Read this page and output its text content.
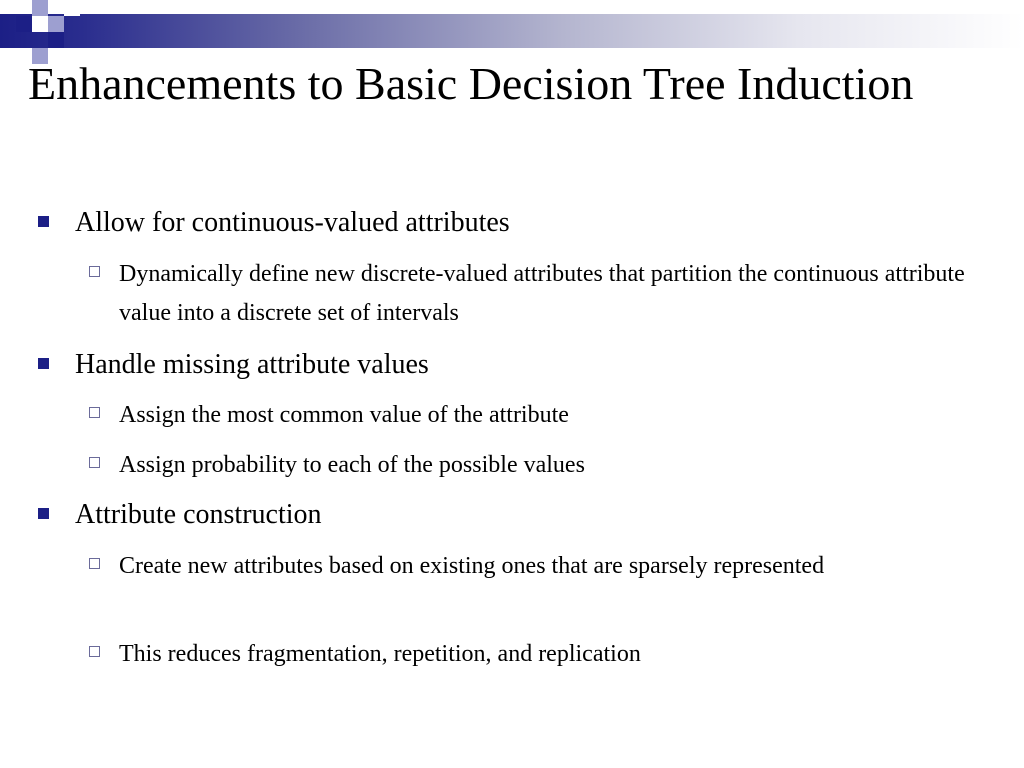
Enhancements to Basic Decision Tree Induction
Allow for continuous-valued attributes
Dynamically define new discrete-valued attributes that partition the continuous attribute value into a discrete set of intervals
Handle missing attribute values
Assign the most common value of the attribute
Assign probability to each of the possible values
Attribute construction
Create new attributes based on existing ones that are sparsely represented
This reduces fragmentation, repetition, and replication
